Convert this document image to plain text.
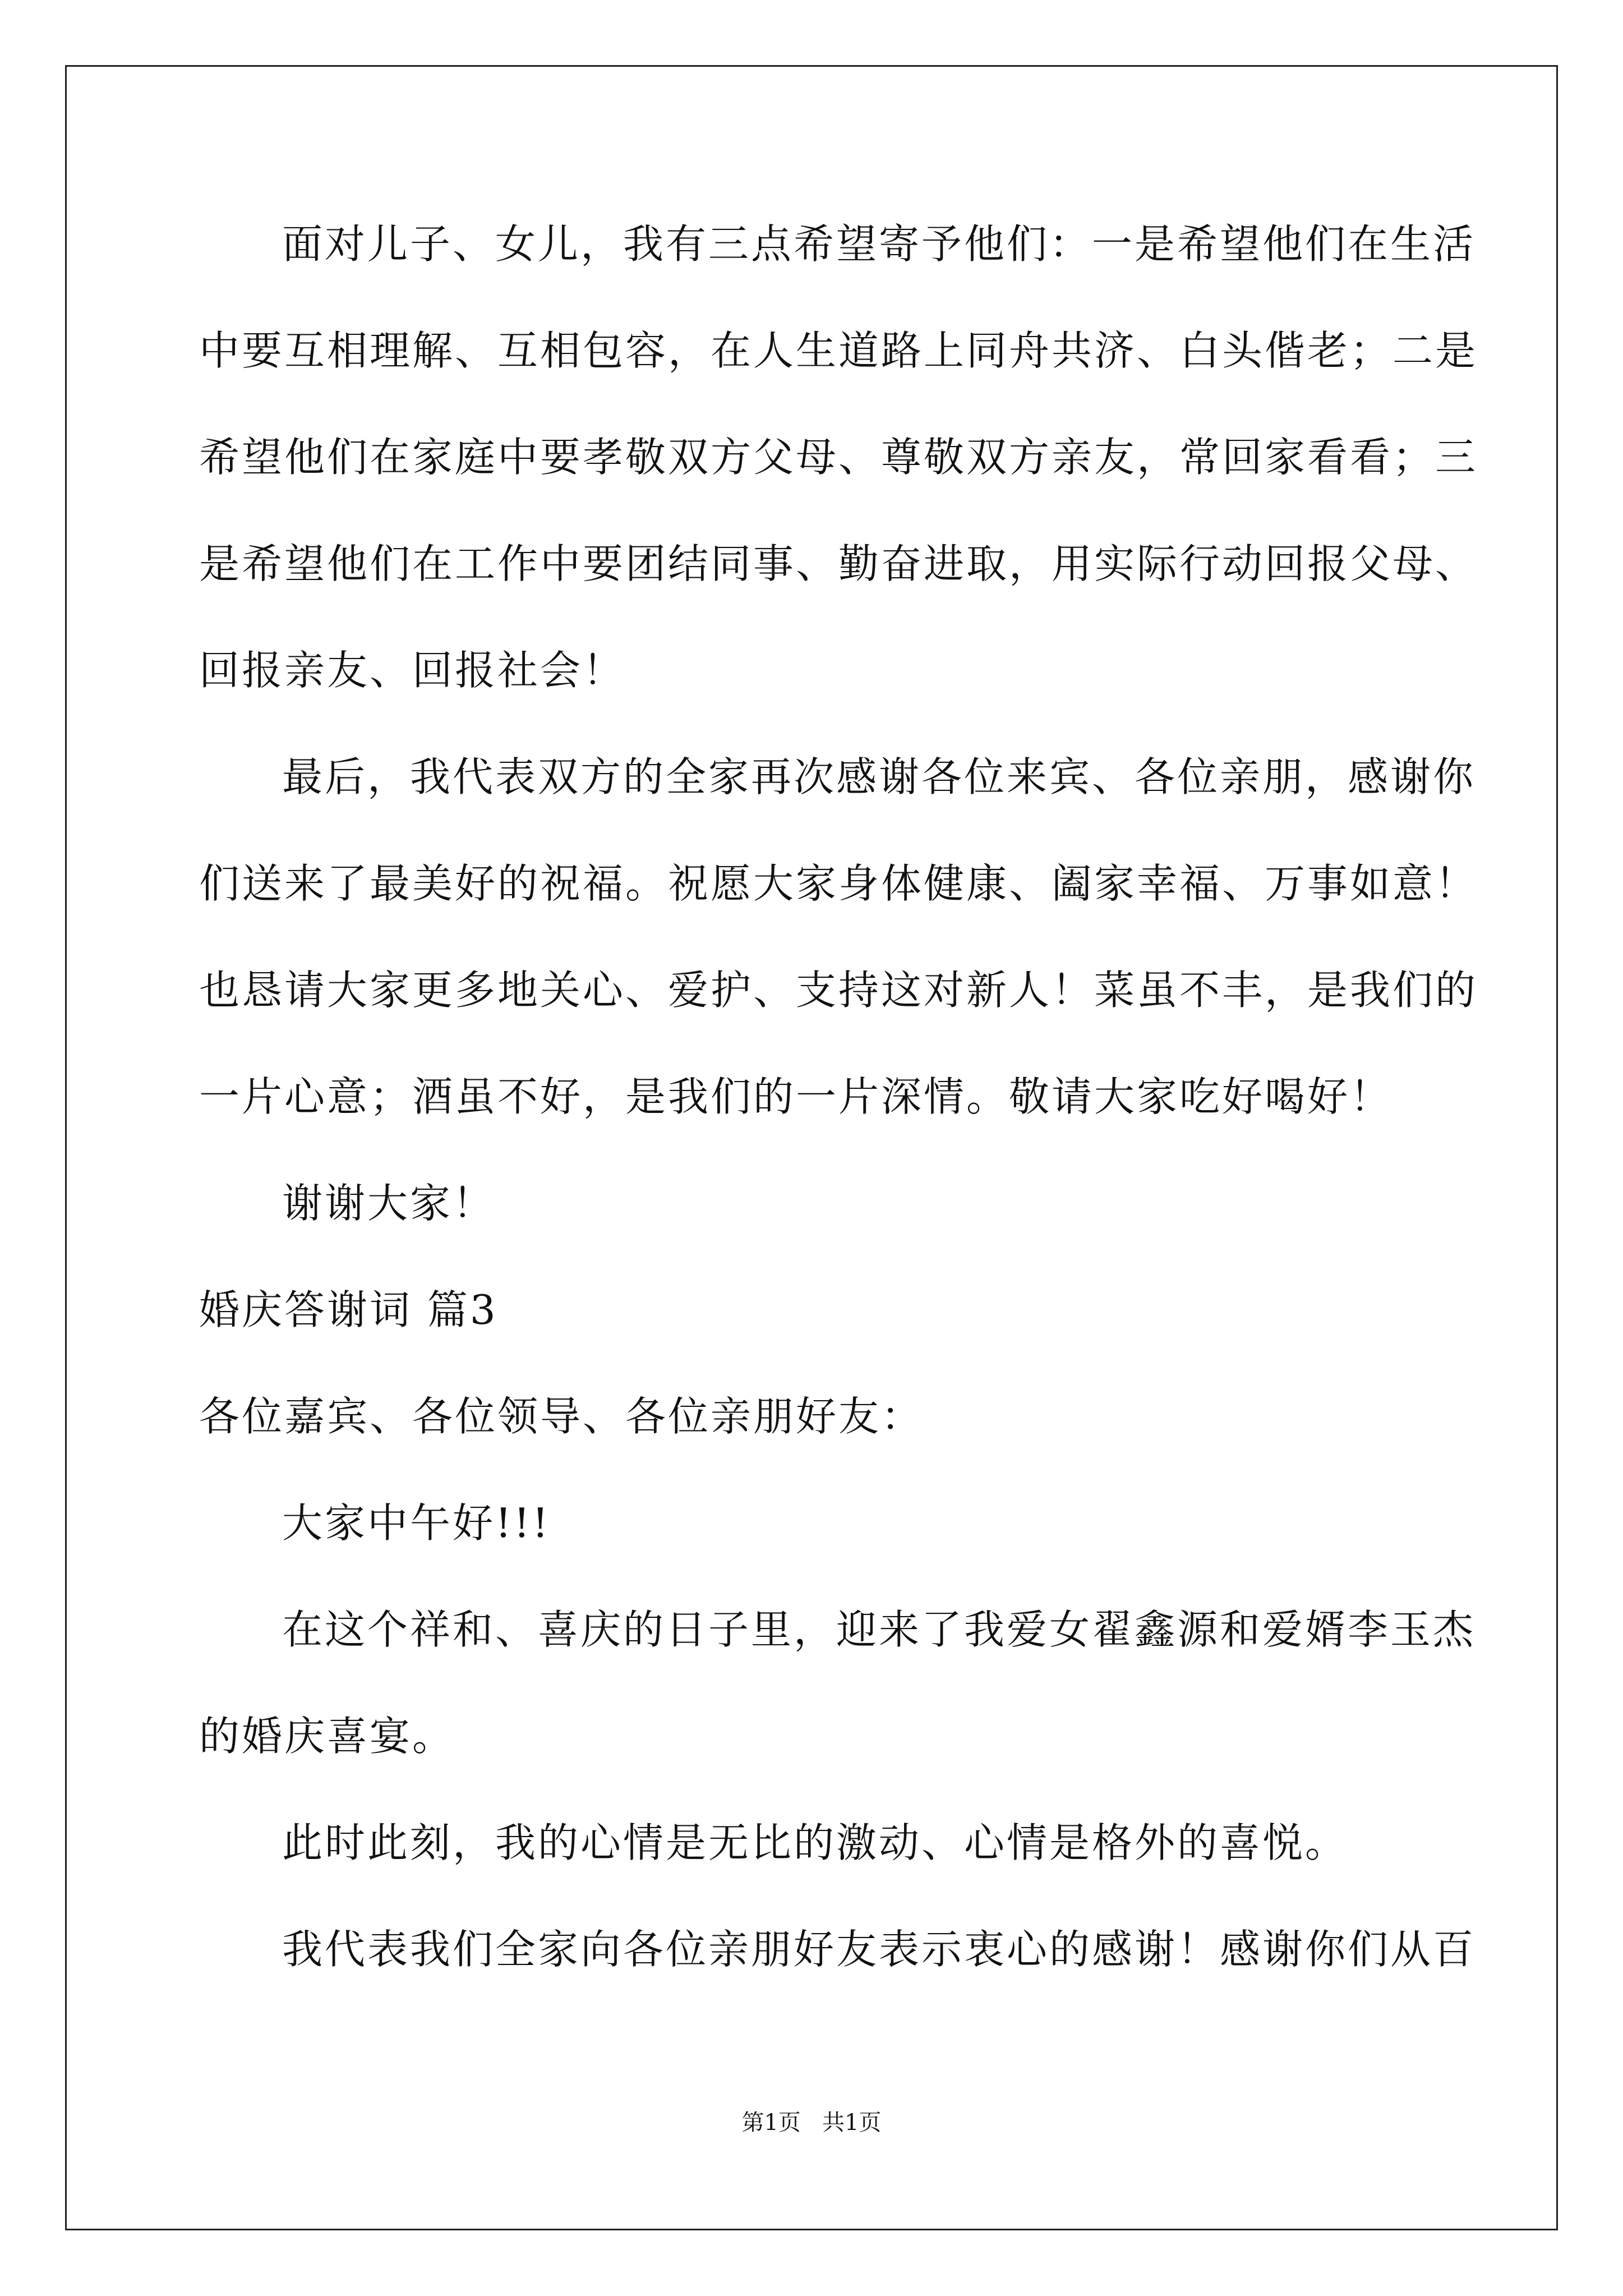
面对儿子、女儿，我有三点希望寄予他们：一是希望他们在生活
中要互相理解、互相包容，在人生道路上同舟共济、白头偕老；二是
希望他们在家庭中要孝敬双方父母、尊敬双方亲友，常回家看看；三
是希望他们在工作中要团结同事、勤奋进取，用实际行动回报父母、
回报亲友、回报社会！
最后，我代表双方的全家再次感谢各位来宾、各位亲朋，感谢你
们送来了最美好的祝福。祝愿大家身体健康、阖家幸福、万事如意！
也恳请大家更多地关心、爱护、支持这对新人！菜虽不丰，是我们的
一片心意；酒虽不好，是我们的一片深情。敬请大家吃好喝好！
谢谢大家！
婚庆答谢词 篇3
各位嘉宾、各位领导、各位亲朋好友：
大家中午好!!!
在这个祥和、喜庆的日子里，迎来了我爱女翟鑫源和爱婿李玉杰
的婚庆喜宴。
此时此刻，我的心情是无比的激动、心情是格外的喜悦。
我代表我们全家向各位亲朋好友表示衷心的感谢！感谢你们从百
第1页   共1页
